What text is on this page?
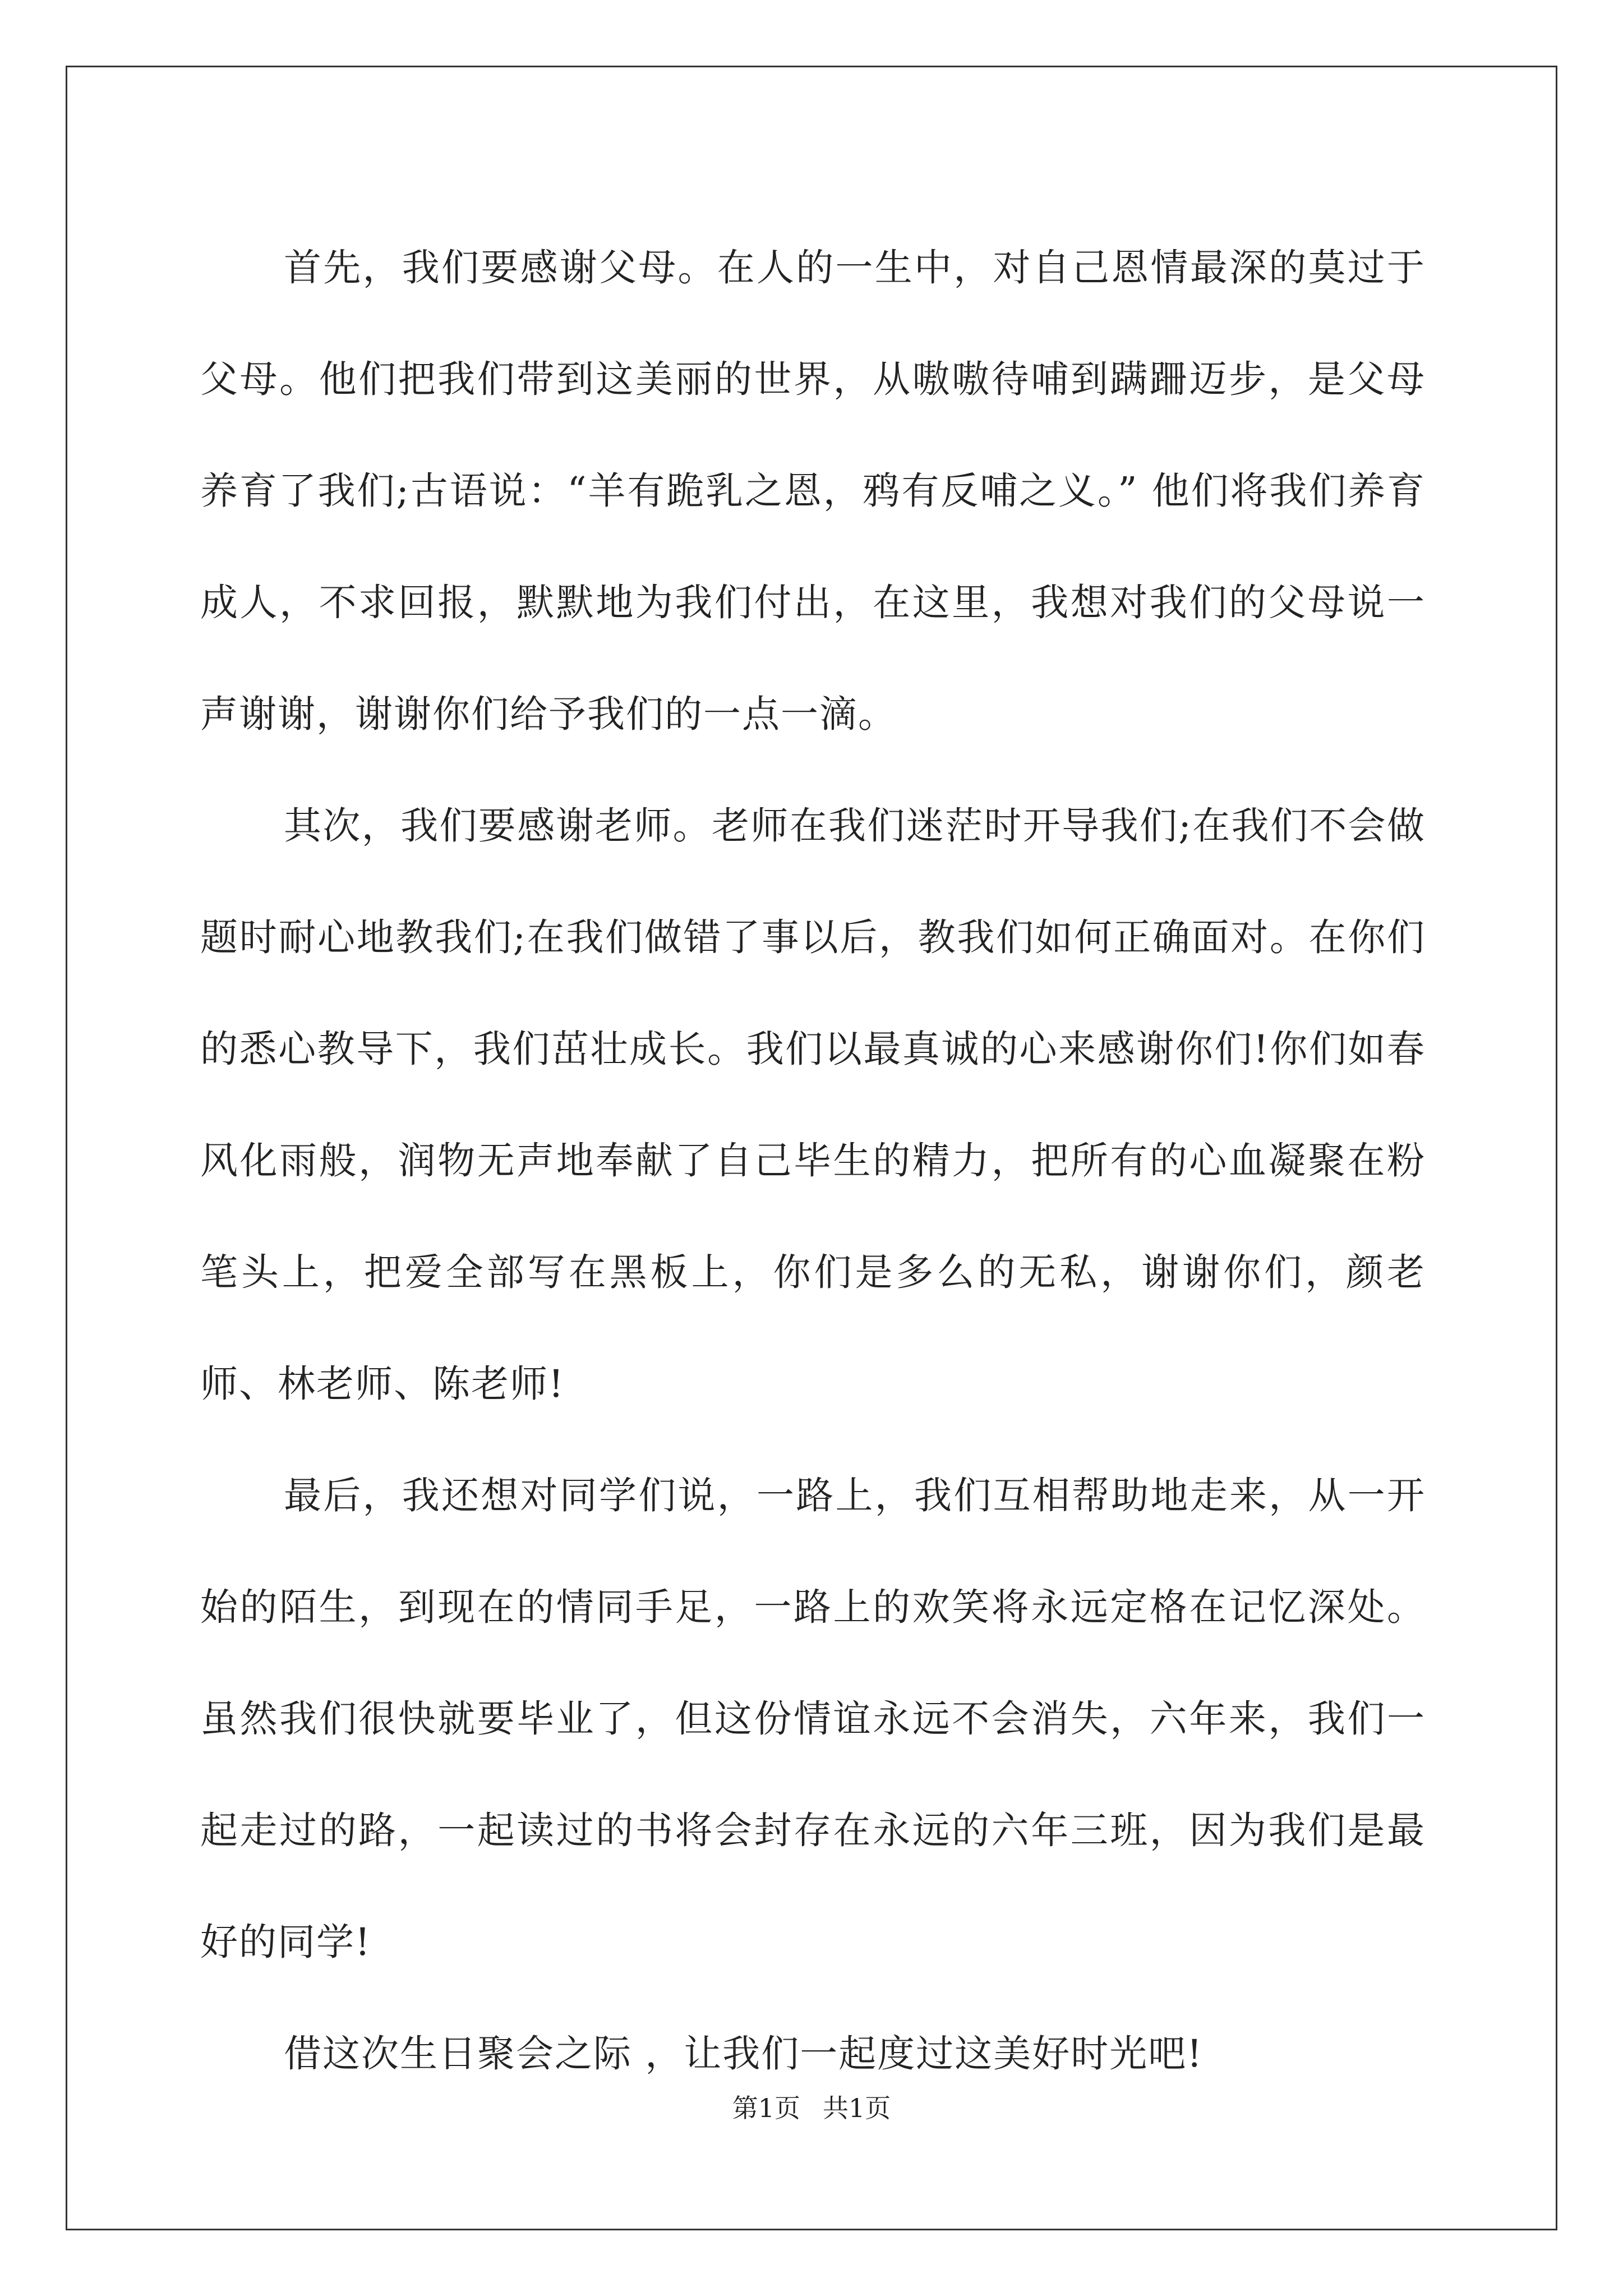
首先，我们要感谢父母。在人的一生中，对自己恩情最深的莫过于父母。他们把我们带到这美丽的世界，从嗷嗷待哺到蹒跚迈步，是父母养育了我们;古语说：“羊有跪乳之恩，鸦有反哺之义。” 他们将我们养育成人，不求回报，默默地为我们付出，在这里，我想对我们的父母说一声谢谢，谢谢你们给予我们的一点一滴。

其次，我们要感谢老师。老师在我们迷茫时开导我们;在我们不会做题时耐心地教我们;在我们做错了事以后，教我们如何正确面对。在你们的悉心教导下，我们茁壮成长。我们以最真诚的心来感谢你们!你们如春风化雨般，润物无声地奉献了自己毕生的精力，把所有的心血凝聚在粉笔头上，把爱全部写在黑板上，你们是多么的无私，谢谢你们，颜老师、林老师、陈老师!

最后，我还想对同学们说，一路上，我们互相帮助地走来，从一开始的陌生，到现在的情同手足，一路上的欢笑将永远定格在记忆深处。虽然我们很快就要毕业了，但这份情谊永远不会消失，六年来，我们一起走过的路，一起读过的书将会封存在永远的六年三班，因为我们是最好的同学!

借这次生日聚会之际 ，让我们一起度过这美好时光吧!

第1页 共1页
